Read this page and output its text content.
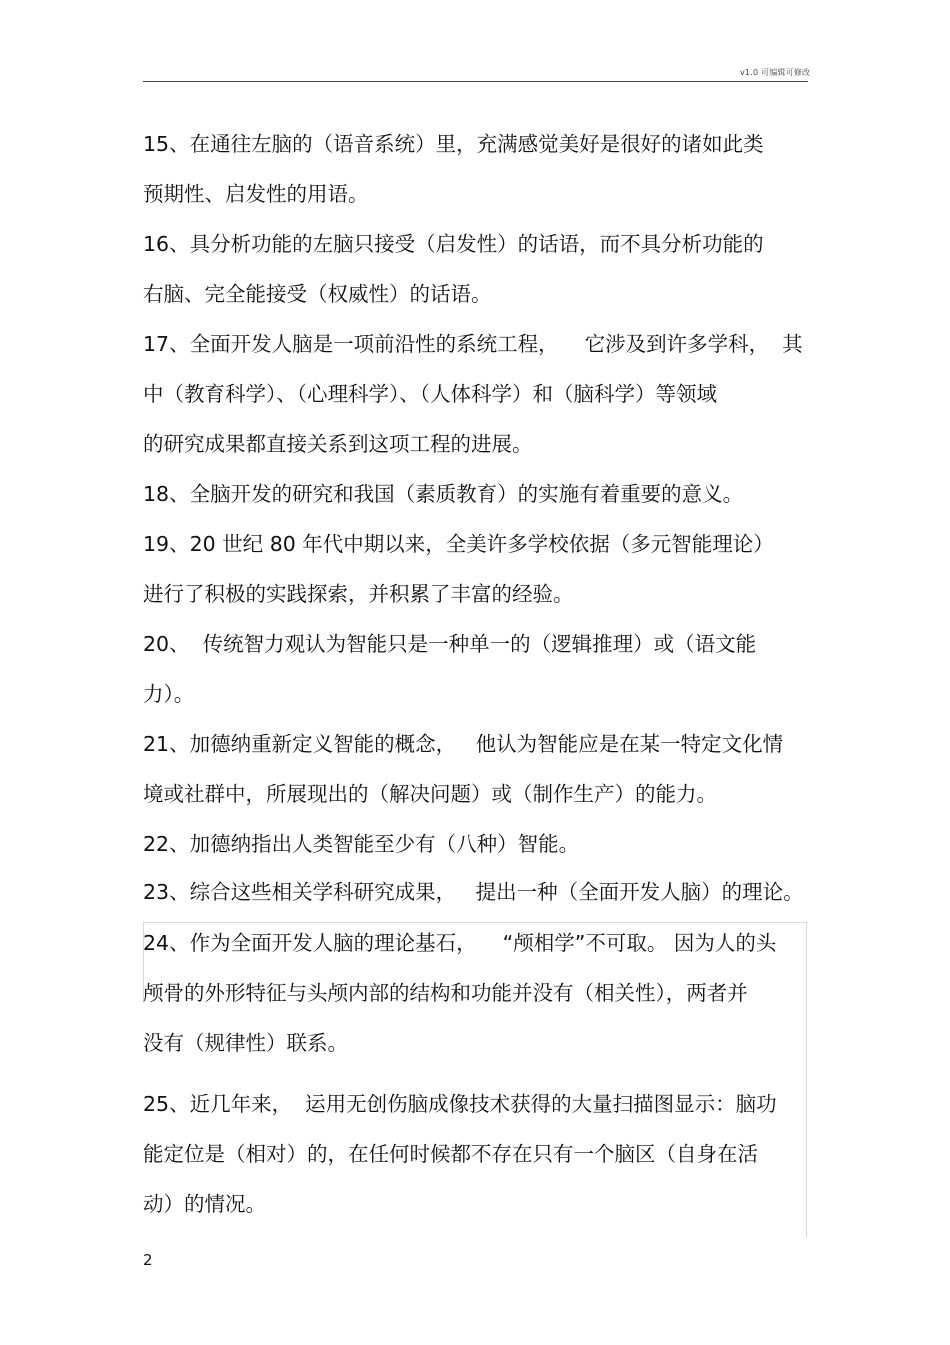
v1.0 可编辑可修改
15、在通往左脑的（语音系统）里，充满感觉美好是很好的诸如此类
预期性、启发性的用语。
16、具分析功能的左脑只接受（启发性）的话语，而不具分析功能的
右脑、完全能接受（权威性）的话语。
17、全面开发人脑是一项前沿性的系统工程，    它涉及到许多学科，  其
中（教育科学）、（心理科学）、（人体科学）和（脑科学）等领域
的研究成果都直接关系到这项工程的进展。
18、全脑开发的研究和我国（素质教育）的实施有着重要的意义。
19、20 世纪 80 年代中期以来，全美许多学校依据（多元智能理论）
进行了积极的实践探索，并积累了丰富的经验。
20、  传统智力观认为智能只是一种单一的（逻辑推理）或（语文能
力）。
21、加德纳重新定义智能的概念，   他认为智能应是在某一特定文化情
境或社群中，所展现出的（解决问题）或（制作生产）的能力。
22、加德纳指出人类智能至少有（八种）智能。
23、综合这些相关学科研究成果，   提出一种（全面开发人脑）的理论。
24、作为全面开发人脑的理论基石，    “颅相学”不可取。 因为人的头
颅骨的外形特征与头颅内部的结构和功能并没有（相关性），两者并
没有（规律性）联系。
25、近几年来，  运用无创伤脑成像技术获得的大量扫描图显示：脑功
能定位是（相对）的，在任何时候都不存在只有一个脑区（自身在活
动）的情况。
2
